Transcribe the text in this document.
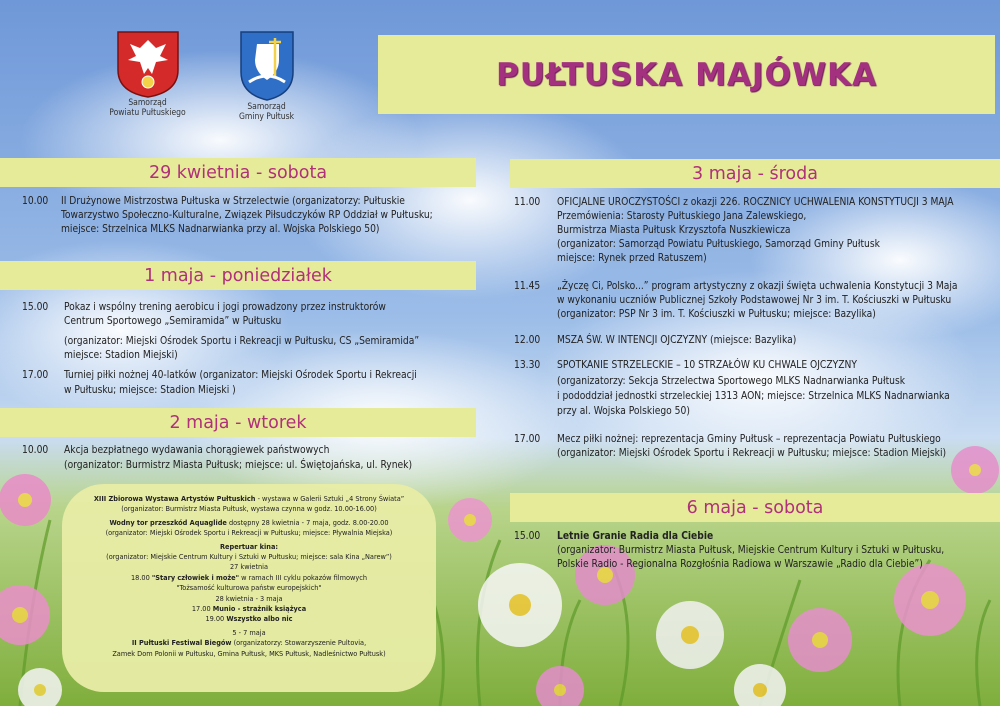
Samorząd
Powiatu Pułtuskiego
Samorząd
Gminy Pułtusk
PUŁTUSKA MAJÓWKA
29 kwietnia - sobota
10.00 II Drużynowe Mistrzostwa Pułtuska w Strzelectwie (organizatorzy: Pułtuskie
Towarzystwo Społeczno-Kulturalne, Związek Piłsudczyków RP Oddział w Pułtusku;
miejsce: Strzelnica MLKS Nadnarwianka przy al. Wojska Polskiego 50)
1 maja - poniedziałek
15.00 Pokaz i wspólny trening aerobicu i jogi prowadzony przez instruktorów
Centrum Sportowego „Semiramida” w Pułtusku
(organizator: Miejski Ośrodek Sportu i Rekreacji w Pułtusku, CS „Semiramida”
miejsce: Stadion Miejski)
17.00 Turniej piłki nożnej 40-latków (organizator: Miejski Ośrodek Sportu i Rekreacji
w Pułtusku; miejsce: Stadion Miejski )
2 maja - wtorek
10.00 Akcja bezpłatnego wydawania chorągiewek państwowych
(organizator: Burmistrz Miasta Pułtusk; miejsce: ul. Świętojańska, ul. Rynek)
XIII Zbiorowa Wystawa Artystów Pułtuskich - wystawa w Galerii Sztuki „4 Strony Świata”
(organizator: Burmistrz Miasta Pułtusk, wystawa czynna w godz. 10.00-16.00)
Wodny tor przeszkód Aquaglide dostępny 28 kwietnia - 7 maja, godz. 8.00-20.00
(organizator: Miejski Ośrodek Sportu i Rekreacji w Pułtusku; miejsce: Pływalnia Miejska)
Repertuar kina:
(organizator: Miejskie Centrum Kultury i Sztuki w Pułtusku; miejsce: sala Kina „Narew”)
27 kwietnia
18.00 "Stary człowiek i może" w ramach III cyklu pokazów filmowych
"Tożsamość kulturowa państw europejskich"
28 kwietnia - 3 maja
17.00 Munio - strażnik książyca
19.00 Wszystko albo nic
5 - 7 maja
II Pułtuski Festiwal Biegów (organizatorzy: Stowarzyszenie Pultovia,
Zamek Dom Polonii w Pułtusku, Gmina Pułtusk, MKS Pułtusk, Nadleśnictwo Pułtusk)
3 maja - środa
11.00 OFICJALNE UROCZYSTOŚCI z okazji 226. ROCZNICY UCHWALENIA KONSTYTUCJI 3 MAJA
Przemówienia: Starosty Pułtuskiego Jana Zalewskiego,
Burmistrza Miasta Pułtusk Krzysztofa Nuszkiewicza
(organizator: Samorząd Powiatu Pułtuskiego, Samorząd Gminy Pułtusk
miejsce: Rynek przed Ratuszem)
11.45 „Życzę Ci, Polsko...” program artystyczny z okazji święta uchwalenia Konstytucji 3 Maja
w wykonaniu uczniów Publicznej Szkoły Podstawowej Nr 3 im. T. Kościuszki w Pułtusku
(organizator: PSP Nr 3 im. T. Kościuszki w Pułtusku; miejsce: Bazylika)
12.00 MSZA ŚW. W INTENCJI OJCZYZNY (miejsce: Bazylika)
13.30 SPOTKANIE STRZELECKIE – 10 STRZAŁÓW KU CHWALE OJCZYZNY
(organizatorzy: Sekcja Strzelectwa Sportowego MLKS Nadnarwianka Pułtusk
i pododdział jednostki strzeleckiej 1313 AON; miejsce: Strzelnica MLKS Nadnarwianka
przy al. Wojska Polskiego 50)
17.00 Mecz piłki nożnej: reprezentacja Gminy Pułtusk – reprezentacja Powiatu Pułtuskiego
(organizator: Miejski Ośrodek Sportu i Rekreacji w Pułtusku; miejsce: Stadion Miejski)
6 maja - sobota
15.00 Letnie Granie Radia dla Ciebie
(organizator: Burmistrz Miasta Pułtusk, Miejskie Centrum Kultury i Sztuki w Pułtusku,
Polskie Radio - Regionalna Rozgłośnia Radiowa w Warszawie „Radio dla Ciebie”)
